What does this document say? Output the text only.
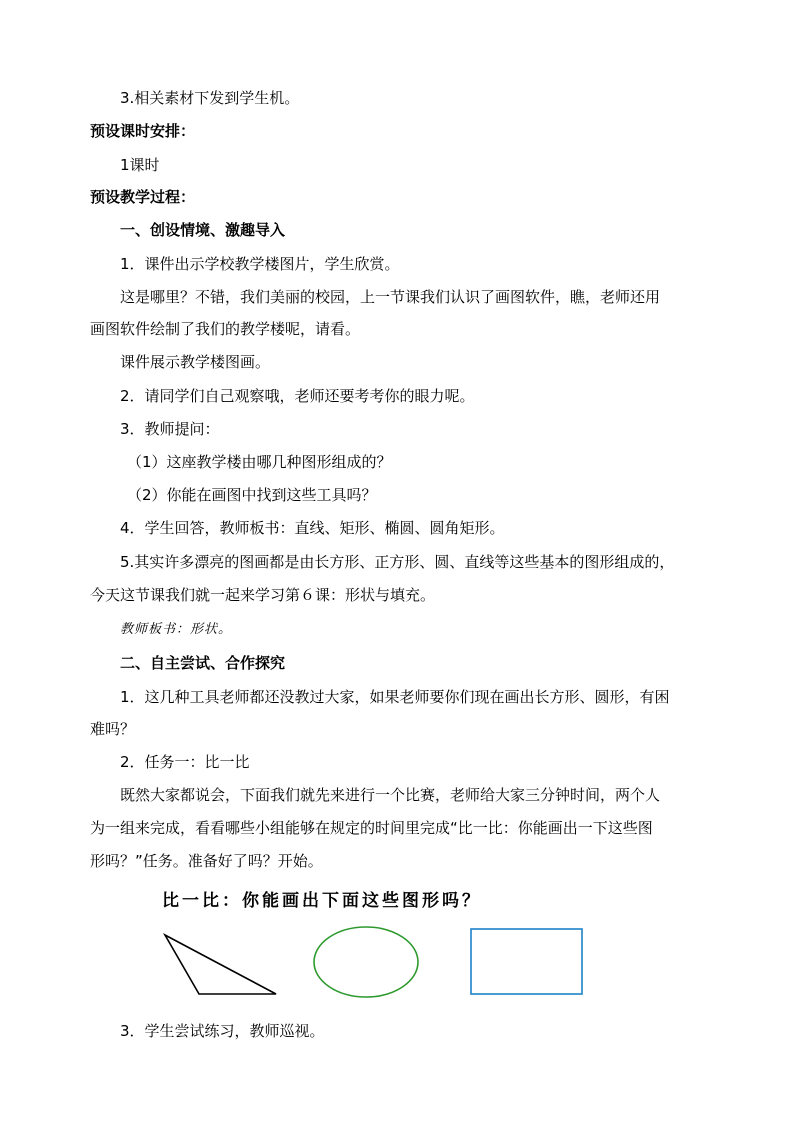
3.相关素材下发到学生机。
预设课时安排：
1课时
预设教学过程：
一、创设情境、激趣导入
1．课件出示学校教学楼图片，学生欣赏。
这是哪里？不错，我们美丽的校园，上一节课我们认识了画图软件，瞧，老师还用
画图软件绘制了我们的教学楼呢，请看。
课件展示教学楼图画。
2．请同学们自己观察哦，老师还要考考你的眼力呢。
3．教师提问：
（1）这座教学楼由哪几种图形组成的？
（2）你能在画图中找到这些工具吗？
4．学生回答，教师板书：直线、矩形、椭圆、圆角矩形。
5.其实许多漂亮的图画都是由长方形、正方形、圆、直线等这些基本的图形组成的，
今天这节课我们就一起来学习第６课：形状与填充。
教师板书：形状。
二、自主尝试、合作探究
1．这几种工具老师都还没教过大家，如果老师要你们现在画出长方形、圆形，有困
难吗？
2．任务一：比一比
既然大家都说会，下面我们就先来进行一个比赛，老师给大家三分钟时间，两个人
为一组来完成，看看哪些小组能够在规定的时间里完成“比一比：你能画出一下这些图
形吗？”任务。准备好了吗？开始。
比一比：你能画出下面这些图形吗？
3．学生尝试练习，教师巡视。
